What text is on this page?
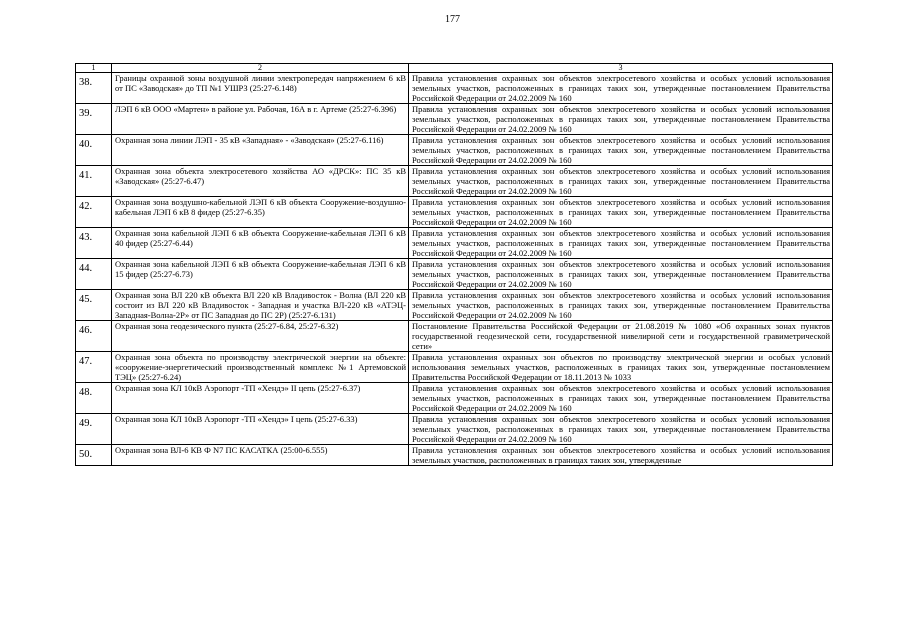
177
1	2	3
38.	Границы охранной зоны воздушной линии электропередач напряжением 6 кВ от ПС «Заводская» до ТП №1 УШРЗ (25:27-6.148)	Правила установления охранных зон объектов электросетевого хозяйства и особых условий использования земельных участков, расположенных в границах таких зон, утвержденные постановлением Правительства Российской Федерации от 24.02.2009 № 160
39.	ЛЭП 6 кВ ООО «Мартен» в районе ул. Рабочая, 16А в г. Артеме (25:27-6.396)	Правила установления охранных зон объектов электросетевого хозяйства и особых условий использования земельных участков, расположенных в границах таких зон, утвержденные постановлением Правительства Российской Федерации от 24.02.2009 № 160
40.	Охранная зона линии ЛЭП - 35 кВ «Западная» - «Заводская» (25:27-6.116)	Правила установления охранных зон объектов электросетевого хозяйства и особых условий использования земельных участков, расположенных в границах таких зон, утвержденные постановлением Правительства Российской Федерации от 24.02.2009 № 160
41.	Охранная зона объекта электросетевого хозяйства АО «ДРСК»: ПС 35 кВ «Заводская» (25:27-6.47)	Правила установления охранных зон объектов электросетевого хозяйства и особых условий использования земельных участков, расположенных в границах таких зон, утвержденные постановлением Правительства Российской Федерации от 24.02.2009 № 160
42.	Охранная зона воздушно-кабельной ЛЭП 6 кВ объекта Сооружение-воздушно-кабельная ЛЭП 6 кВ 8 фидер (25:27-6.35)	Правила установления охранных зон объектов электросетевого хозяйства и особых условий использования земельных участков, расположенных в границах таких зон, утвержденные постановлением Правительства Российской Федерации от 24.02.2009 № 160
43.	Охранная зона кабельной ЛЭП 6 кВ объекта Сооружение-кабельная ЛЭП 6 кВ 40 фидер (25:27-6.44)	Правила установления охранных зон объектов электросетевого хозяйства и особых условий использования земельных участков, расположенных в границах таких зон, утвержденные постановлением Правительства Российской Федерации от 24.02.2009 № 160
44.	Охранная зона кабельной ЛЭП 6 кВ объекта Сооружение-кабельная ЛЭП 6 кВ 15 фидер (25:27-6.73)	Правила установления охранных зон объектов электросетевого хозяйства и особых условий использования земельных участков, расположенных в границах таких зон, утвержденные постановлением Правительства Российской Федерации от 24.02.2009 № 160
45.	Охранная зона ВЛ 220 кВ объекта ВЛ 220 кВ Владивосток - Волна (ВЛ 220 кВ состоит из ВЛ 220 кВ Владивосток - Западная и участка ВЛ-220 кВ «АТЭЦ-Западная-Волна-2Р» от ПС Западная до ПС 2Р) (25:27-6.131)	Правила установления охранных зон объектов электросетевого хозяйства и особых условий использования земельных участков, расположенных в границах таких зон, утвержденные постановлением Правительства Российской Федерации от 24.02.2009 № 160
46.	Охранная зона геодезического пункта (25:27-6.84, 25:27-6.32)	Постановление Правительства Российской Федерации от 21.08.2019 № 1080 «Об охранных зонах пунктов государственной геодезической сети, государственной нивелирной сети и государственной гравиметрической сети»
47.	Охранная зона объекта по производству электрической энергии на объекте: «сооружение-энергетический производственный комплекс №1 Артемовской ТЭЦ» (25:27-6.24)	Правила установления охранных зон объектов по производству электрической энергии и особых условий использования земельных участков, расположенных в границах таких зон, утвержденные постановлением Правительства Российской Федерации от 18.11.2013 № 1033
48.	Охранная зона КЛ 10кВ Аэропорт -ТП «Хендэ» II цепь (25:27-6.37)	Правила установления охранных зон объектов электросетевого хозяйства и особых условий использования земельных участков, расположенных в границах таких зон, утвержденные постановлением Правительства Российской Федерации от 24.02.2009 № 160
49.	Охранная зона КЛ 10кВ Аэропорт -ТП «Хендэ» I цепь (25:27-6.33)	Правила установления охранных зон объектов электросетевого хозяйства и особых условий использования земельных участков, расположенных в границах таких зон, утвержденные постановлением Правительства Российской Федерации от 24.02.2009 № 160
50.	Охранная зона ВЛ-6 КВ Ф N7 ПС КАСАТКА (25:00-6.555)	Правила установления охранных зон объектов электросетевого хозяйства и особых условий использования земельных участков, расположенных в границах таких зон, утвержденные
